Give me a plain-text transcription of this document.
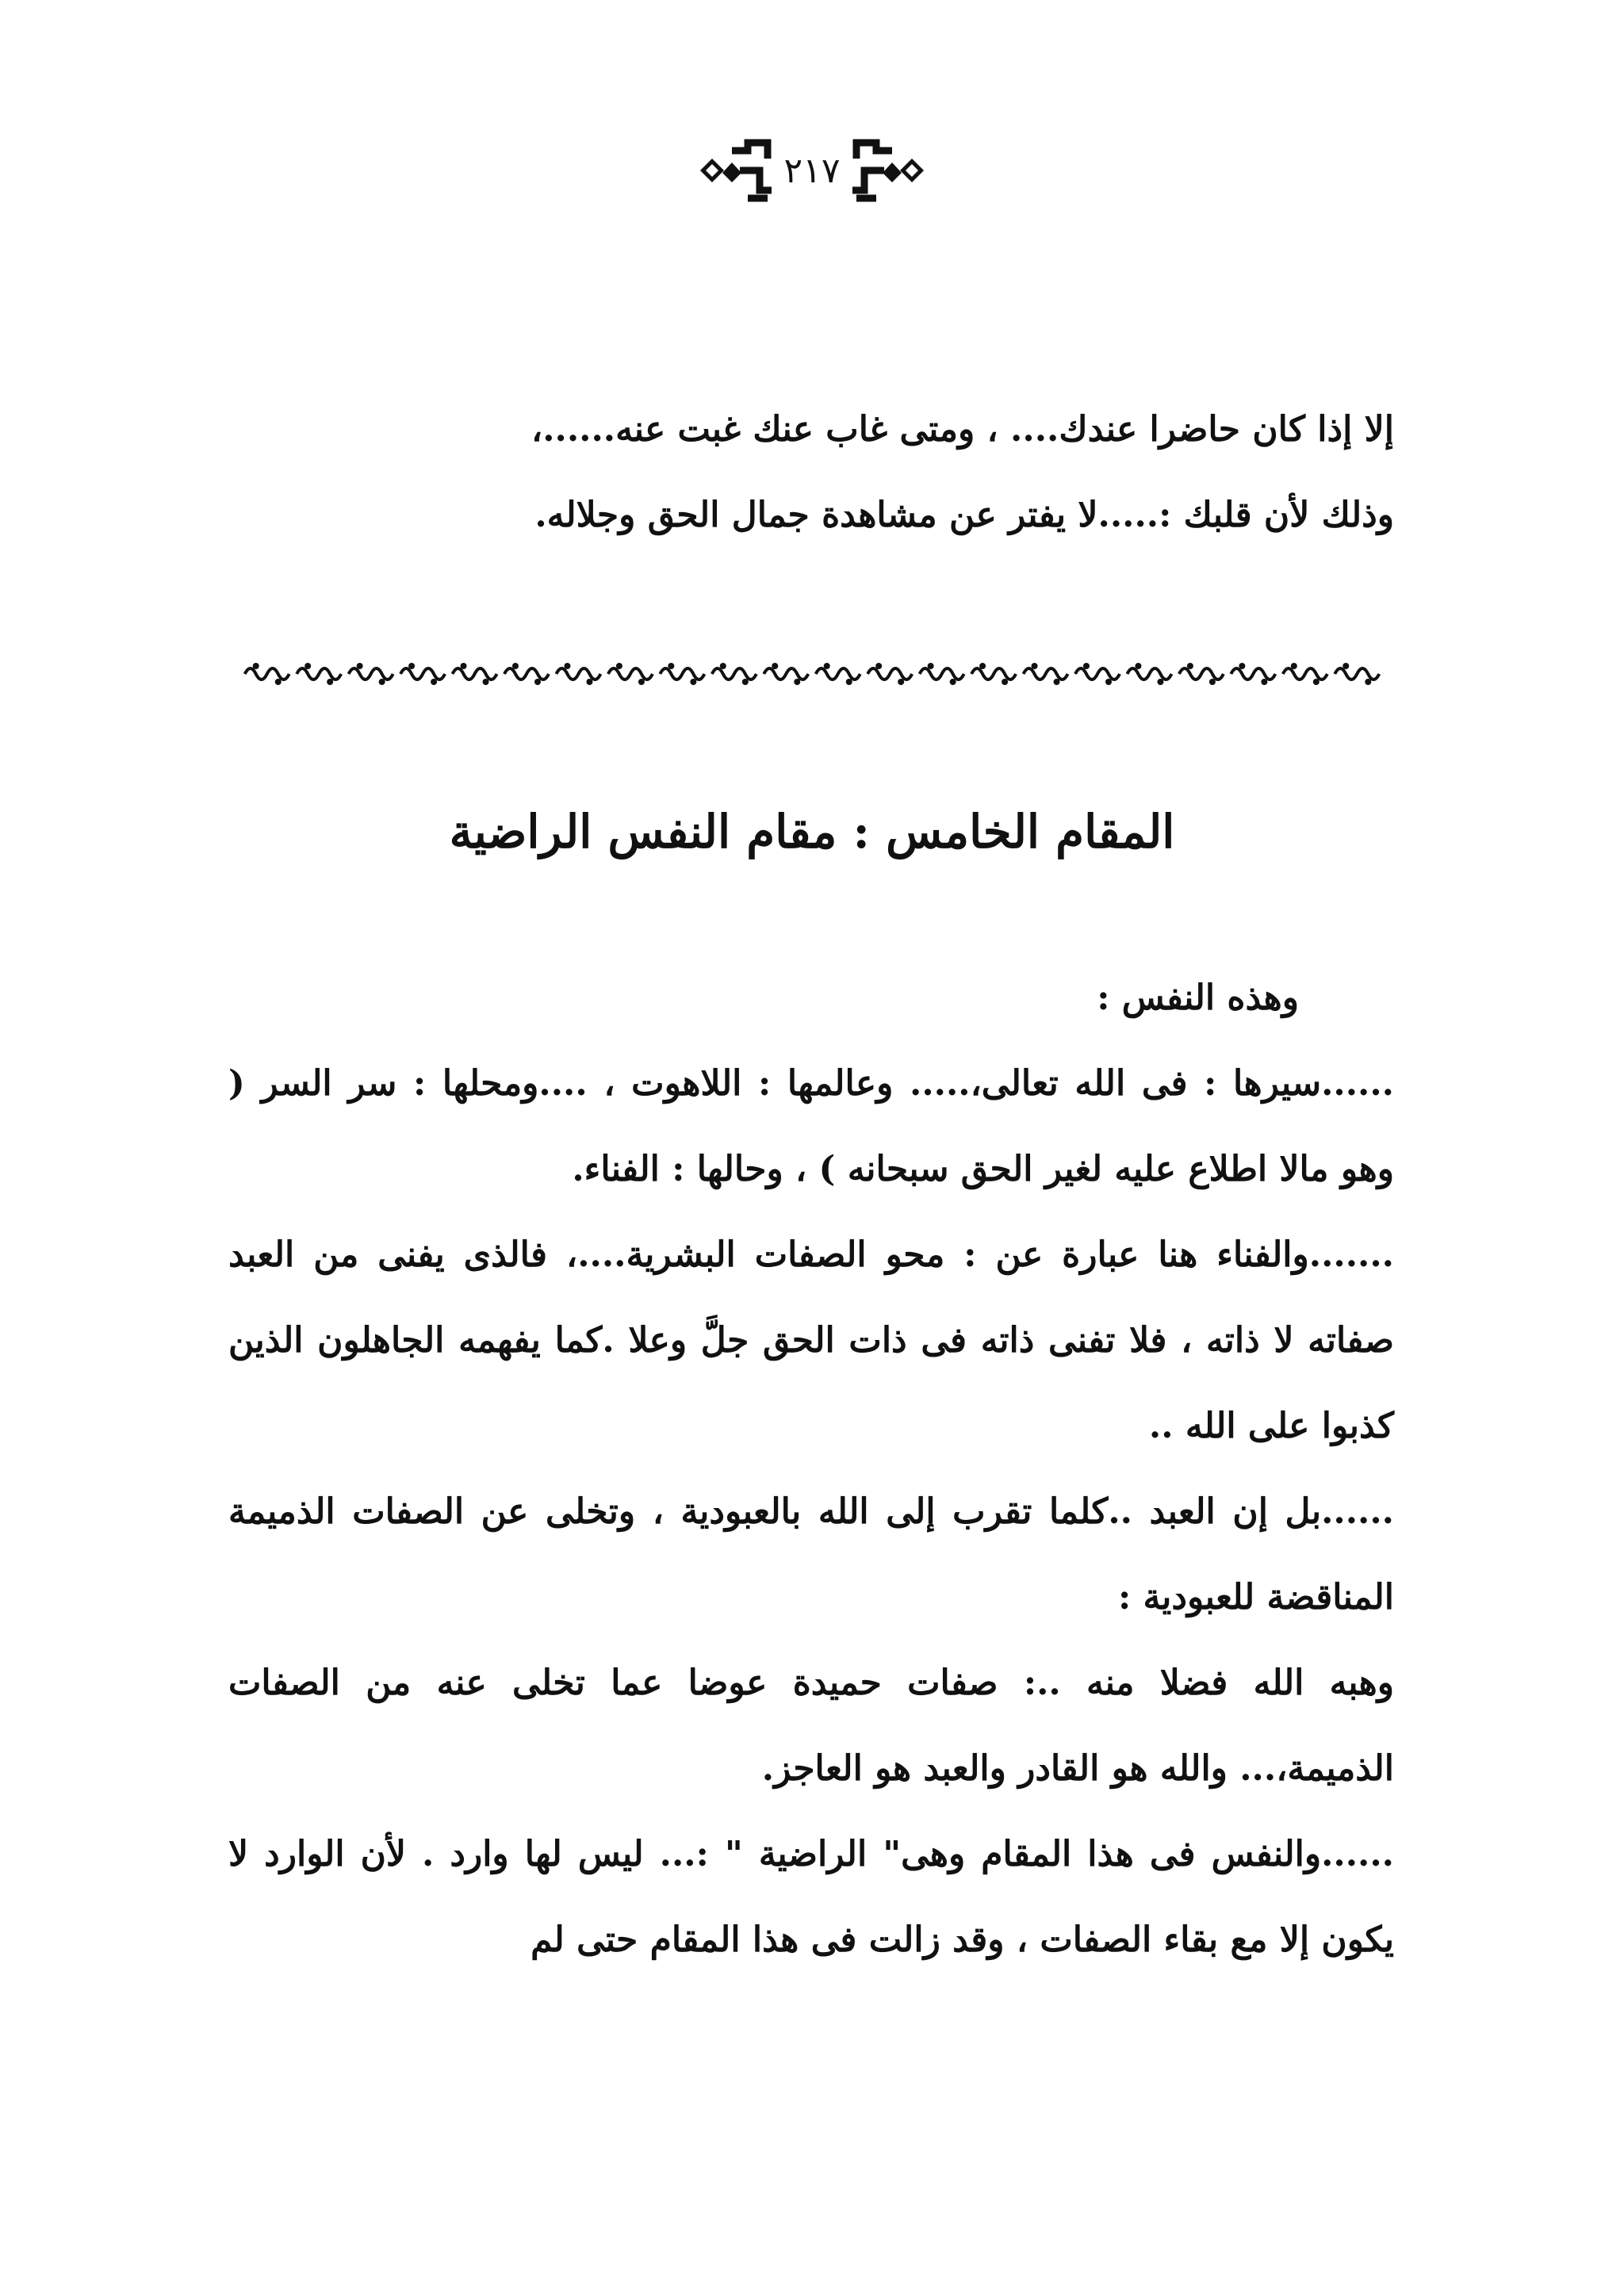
٢١٧

إلا إذا كان حاضرا عندك.... ، ومتى غاب عنك غبت عنه......،

وذلك لأن قلبك :.....لا يفتر عن مشاهدة جمال الحق وجلاله.

المقام الخامس : مقام النفس الراضية

وهذه النفس :

......سيرها : فى الله تعالى،..... وعالمها : اللاهوت ، ....ومحلها : سر السر ( وهو مالا اطلاع عليه لغير الحق سبحانه ) ، وحالها : الفناء.

.......والفناء هنا عبارة عن : محو الصفات البشرية....، فالذى يفنى من العبد صفاته لا ذاته ، فلا تفنى ذاته فى ذات الحق جلَّ وعلا .كما يفهمه الجاهلون الذين كذبوا على الله ..

......بل إن العبد ..كلما تقرب إلى الله بالعبودية ، وتخلى عن الصفات الذميمة المناقضة للعبودية :

وهبه الله فضلا منه ..: صفات حميدة عوضا عما تخلى عنه من الصفات الذميمة،... والله هو القادر والعبد هو العاجز.

......والنفس فى هذا المقام وهى" الراضية " :... ليس لها وارد . لأن الوارد لا يكون إلا مع بقاء الصفات ، وقد زالت فى هذا المقام حتى لم
